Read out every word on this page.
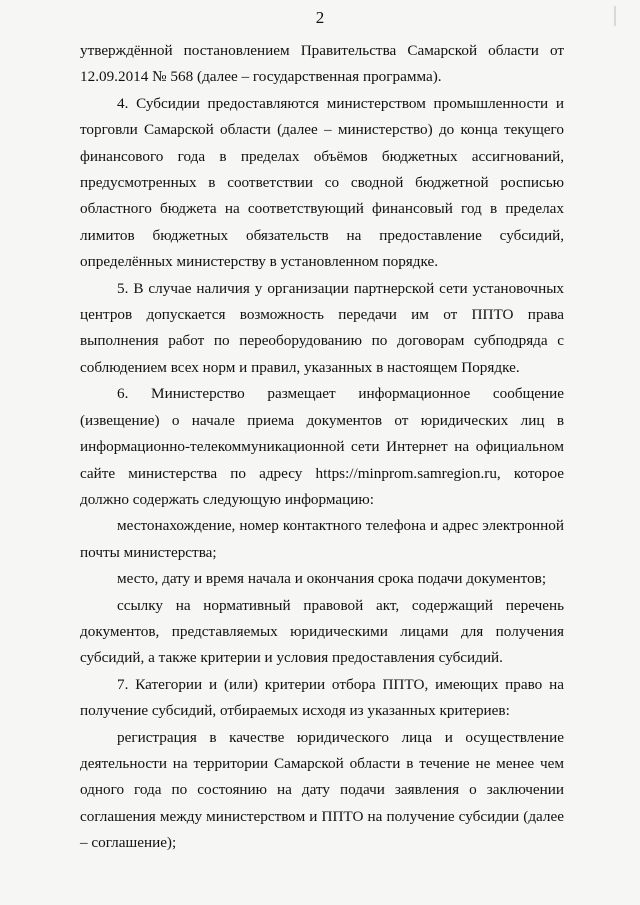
2

утверждённой постановлением Правительства Самарской области от 12.09.2014 № 568 (далее – государственная программа).

4. Субсидии предоставляются министерством промышленности и торговли Самарской области (далее – министерство) до конца текущего финансового года в пределах объёмов бюджетных ассигнований, предусмотренных в соответствии со сводной бюджетной росписью областного бюджета на соответствующий финансовый год в пределах лимитов бюджетных обязательств на предоставление субсидий, определённых министерству в установленном порядке.

5. В случае наличия у организации партнерской сети установочных центров допускается возможность передачи им от ППТО права выполнения работ по переоборудованию по договорам субподряда с соблюдением всех норм и правил, указанных в настоящем Порядке.

6. Министерство размещает информационное сообщение (извещение) о начале приема документов от юридических лиц в информационно-телекоммуникационной сети Интернет на официальном сайте министерства по адресу https://minprom.samregion.ru, которое должно содержать следующую информацию:

местонахождение, номер контактного телефона и адрес электронной почты министерства;

место, дату и время начала и окончания срока подачи документов;

ссылку на нормативный правовой акт, содержащий перечень документов, представляемых юридическими лицами для получения субсидий, а также критерии и условия предоставления субсидий.

7. Категории и (или) критерии отбора ППТО, имеющих право на получение субсидий, отбираемых исходя из указанных критериев:

регистрация в качестве юридического лица и осуществление деятельности на территории Самарской области в течение не менее чем одного года по состоянию на дату подачи заявления о заключении соглашения между министерством и ППТО на получение субсидии (далее – соглашение);
